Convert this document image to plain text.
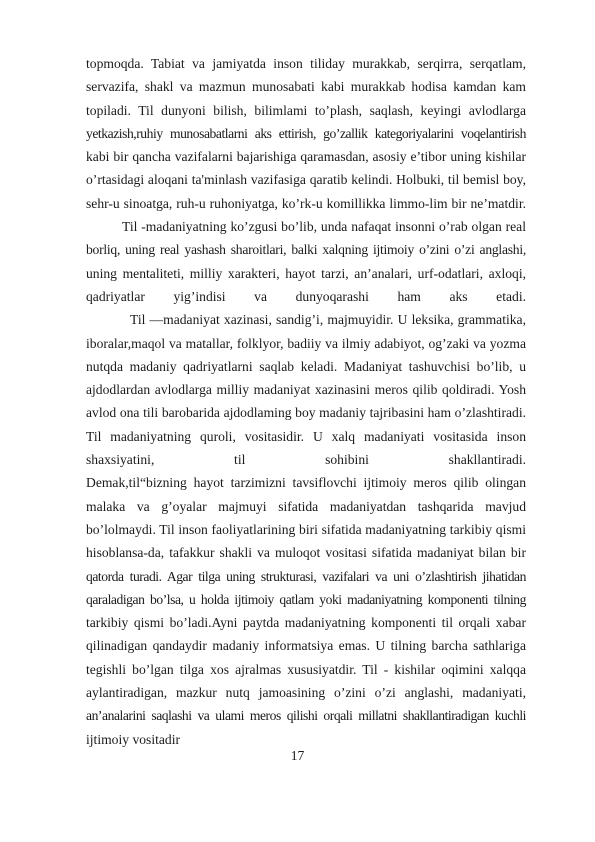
topmoqda. Tabiat va jamiyatda inson tiliday murakkab, serqirra, serqatlam,
servazifa, shakl va mazmun munosabati kabi murakkab hodisa kamdan kam
topiladi. Til dunyoni bilish, bilimlami to’plash, saqlash, keyingi avlodlarga
yetkazish,ruhiy munosabatlarni aks ettirish, go’zallik kategoriyalarini voqelantirish
kabi bir qancha vazifalarni bajarishiga qaramasdan, asosiy e’tibor uning kishilar
o’rtasidagi aloqani ta'minlash vazifasiga qaratib kelindi. Holbuki, til bemisl boy,
sehr-u sinoatga, ruh-u ruhoniyatga, ko’rk-u komillikka limmo-lim bir ne’matdir.
Til -madaniyatning ko’zgusi bo’lib, unda nafaqat insonni o’rab olgan real
borliq, uning real yashash sharoitlari, balki xalqning ijtimoiy o’zini o’zi anglashi,
uning mentaliteti, milliy xarakteri, hayot tarzi, an’analari, urf-odatlari, axloqi,
qadriyatlar yig’indisi va dunyoqarashi ham aks etadi.
Til —madaniyat xazinasi, sandig’i, majmuyidir. U leksika, grammatika,
iboralar,maqol va matallar, folklyor, badiiy va ilmiy adabiyot, og’zaki va yozma
nutqda madaniy qadriyatlarni saqlab keladi. Madaniyat tashuvchisi bo’lib, u
ajdodlardan avlodlarga milliy madaniyat xazinasini meros qilib qoldiradi. Yosh
avlod ona tili barobarida ajdodlaming boy madaniy tajribasini ham o’zlashtiradi.
Til madaniyatning quroli, vositasidir. U xalq madaniyati vositasida inson
shaxsiyatini, til sohibini shakllantiradi.
Demak,til“bizning hayot tarzimizni tavsiflovchi ijtimoiy meros qilib olingan
malaka va g’oyalar majmuyi sifatida madaniyatdan tashqarida mavjud
bo’lolmaydi. Til inson faoliyatlarining biri sifatida madaniyatning tarkibiy qismi
hisoblansa-da, tafakkur shakli va muloqot vositasi sifatida madaniyat bilan bir
qatorda turadi. Agar tilga uning strukturasi, vazifalari va uni o’zlashtirish jihatidan
qaraladigan bo’lsa, u holda ijtimoiy qatlam yoki madaniyatning komponenti tilning
tarkibiy qismi bo’ladi.Ayni paytda madaniyatning komponenti til orqali xabar
qilinadigan qandaydir madaniy informatsiya emas. U tilning barcha sathlariga
tegishli bo’lgan tilga xos ajralmas xususiyatdir. Til - kishilar oqimini xalqqa
aylantiradigan, mazkur nutq jamoasining o’zini o’zi anglashi, madaniyati,
an’analarini saqlashi va ulami meros qilishi orqali millatni shakllantiradigan kuchli
ijtimoiy vositadir
17
